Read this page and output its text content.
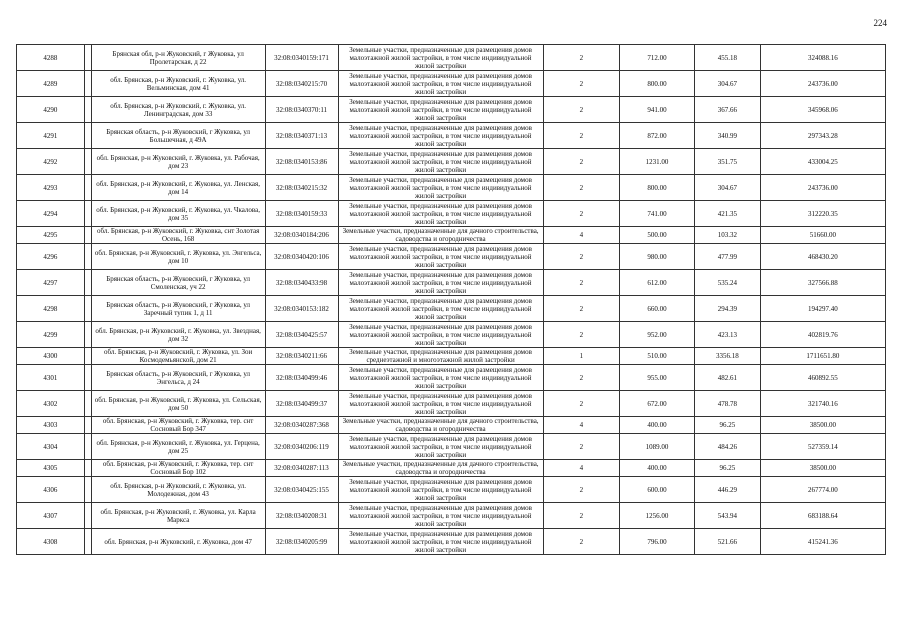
224
4288		Брянская обл, р-н Жуковский, г Жуковка, ул Пролетарская, д 22	32:08:0340159:171	Земельные участки, предназначенные для размещения домов малоэтажной жилой застройки, в том числе индивидуальной жилой застройки	2	712.00	455.18	324088.16
4289		обл. Брянская, р-н Жуковский, г. Жуковка, ул. Вельминская, дом 41	32:08:0340215:70	Земельные участки, предназначенные для размещения домов малоэтажной жилой застройки, в том числе индивидуальной жилой застройки	2	800.00	304.67	243736.00
4290		обл. Брянская, р-н Жуковский, г. Жуковка, ул. Ленинградская, дом 33	32:08:0340370:11	Земельные участки, предназначенные для размещения домов малоэтажной жилой застройки, в том числе индивидуальной жилой застройки	2	941.00	367.66	345968.06
4291		Брянская область, р-н Жуковский, г Жуковка, ул Большечная, д 49А	32:08:0340371:13	Земельные участки, предназначенные для размещения домов малоэтажной жилой застройки, в том числе индивидуальной жилой застройки	2	872.00	340.99	297343.28
4292		обл. Брянская, р-н Жуковский, г. Жуковка, ул. Рабочая, дом 23	32:08:0340153:86	Земельные участки, предназначенные для размещения домов малоэтажной жилой застройки, в том числе индивидуальной жилой застройки	2	1231.00	351.75	433004.25
4293		обл. Брянская, р-н Жуковский, г. Жуковка, ул. Ленская, дом 14	32:08:0340215:32	Земельные участки, предназначенные для размещения домов малоэтажной жилой застройки, в том числе индивидуальной жилой застройки	2	800.00	304.67	243736.00
4294		обл. Брянская, р-н Жуковский, г. Жуковка, ул. Чкалова, дом 35	32:08:0340159:33	Земельные участки, предназначенные для размещения домов малоэтажной жилой застройки, в том числе индивидуальной жилой застройки	2	741.00	421.35	312220.35
4295		обл. Брянская, р-н Жуковский, г. Жуковка, снт Золотая Осень, 168	32:08:0340184:206	Земельные участки, предназначенные для дачного строительства, садоводства и огородничества	4	500.00	103.32	51660.00
4296		обл. Брянская, р-н Жуковский, г. Жуковка, ул. Энгельса, дом 10	32:08:0340420:106	Земельные участки, предназначенные для размещения домов малоэтажной жилой застройки, в том числе индивидуальной жилой застройки	2	980.00	477.99	468430.20
4297		Брянская область, р-н Жуковский, г Жуковка, ул Смоленская, уч 22	32:08:0340433:98	Земельные участки, предназначенные для размещения домов малоэтажной жилой застройки, в том числе индивидуальной жилой застройки	2	612.00	535.24	327566.88
4298		Брянская область, р-н Жуковский, г Жуковка, ул Заречный тупик 1, д 11	32:08:0340153:182	Земельные участки, предназначенные для размещения домов малоэтажной жилой застройки, в том числе индивидуальной жилой застройки	2	660.00	294.39	194297.40
4299		обл. Брянская, р-н Жуковский, г. Жуковка, ул. Звездная, дом 32	32:08:0340425:57	Земельные участки, предназначенные для размещения домов малоэтажной жилой застройки, в том числе индивидуальной жилой застройки	2	952.00	423.13	402819.76
4300		обл. Брянская, р-н Жуковский, г. Жуковка, ул. Зои Космодемьянской, дом 21	32:08:0340211:66	Земельные участки, предназначенные для размещения домов среднеэтажной и многоэтажной жилой застройки	1	510.00	3356.18	1711651.80
4301		Брянская область, р-н Жуковский, г Жуковка, ул Энгельса, д 24	32:08:0340499:46	Земельные участки, предназначенные для размещения домов малоэтажной жилой застройки, в том числе индивидуальной жилой застройки	2	955.00	482.61	460892.55
4302		обл. Брянская, р-н Жуковский, г. Жуковка, ул. Сельская, дом 50	32:08:0340499:37	Земельные участки, предназначенные для размещения домов малоэтажной жилой застройки, в том числе индивидуальной жилой застройки	2	672.00	478.78	321740.16
4303		обл. Брянская, р-н Жуковский, г. Жуковка, тер. снт Сосновый Бор 347	32:08:0340287:368	Земельные участки, предназначенные для дачного строительства, садоводства и огородничества	4	400.00	96.25	38500.00
4304		обл. Брянская, р-н Жуковский, г. Жуковка, ул. Герцена, дом 25	32:08:0340206:119	Земельные участки, предназначенные для размещения домов малоэтажной жилой застройки, в том числе индивидуальной жилой застройки	2	1089.00	484.26	527359.14
4305		обл. Брянская, р-н Жуковский, г. Жуковка, тер. снт Сосновый Бор 102	32:08:0340287:113	Земельные участки, предназначенные для дачного строительства, садоводства и огородничества	4	400.00	96.25	38500.00
4306		обл. Брянская, р-н Жуковский, г. Жуковка, ул. Молодежная, дом 43	32:08:0340425:155	Земельные участки, предназначенные для размещения домов малоэтажной жилой застройки, в том числе индивидуальной жилой застройки	2	600.00	446.29	267774.00
4307		обл. Брянская, р-н Жуковский, г. Жуковка, ул. Карла Маркса	32:08:0340208:31	Земельные участки, предназначенные для размещения домов малоэтажной жилой застройки, в том числе индивидуальной жилой застройки	2	1256.00	543.94	683188.64
4308		обл. Брянская, р-н Жуковский, г. Жуковка, дом 47	32:08:0340205:99	Земельные участки, предназначенные для размещения домов малоэтажной жилой застройки, в том числе индивидуальной жилой застройки	2	796.00	521.66	415241.36
